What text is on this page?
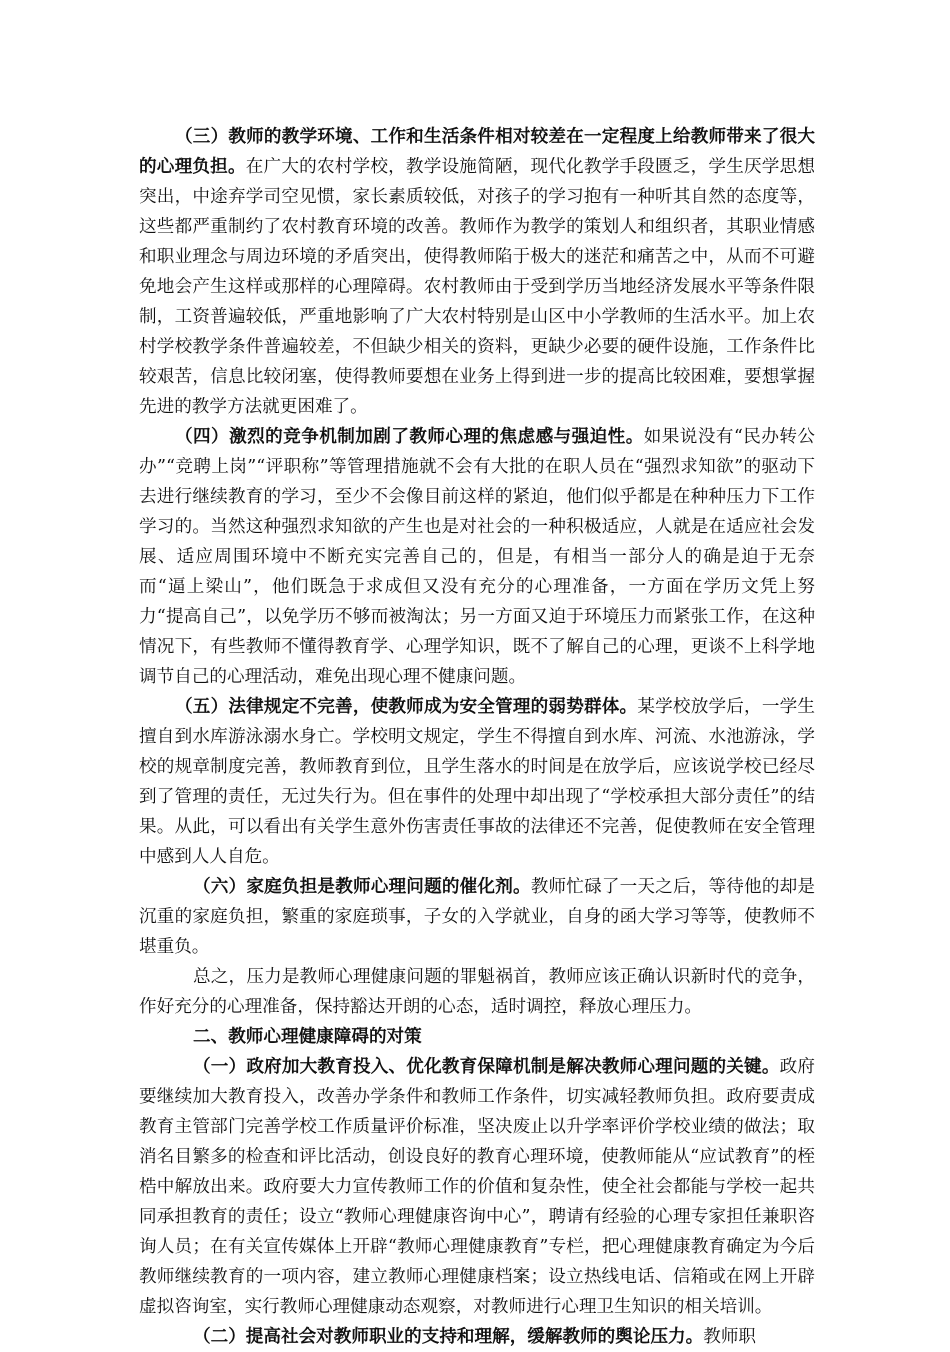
（三）教师的教学环境、工作和生活条件相对较差在一定程度上给教师带来了很大的心理负担。在广大的农村学校，教学设施简陋，现代化教学手段匮乏，学生厌学思想突出，中途弃学司空见惯，家长素质较低，对孩子的学习抱有一种听其自然的态度等，这些都严重制约了农村教育环境的改善。教师作为教学的策划人和组织者，其职业情感和职业理念与周边环境的矛盾突出，使得教师陷于极大的迷茫和痛苦之中，从而不可避免地会产生这样或那样的心理障碍。农村教师由于受到学历当地经济发展水平等条件限制，工资普遍较低，严重地影响了广大农村特别是山区中小学教师的生活水平。加上农村学校教学条件普遍较差，不但缺少相关的资料，更缺少必要的硬件设施，工作条件比较艰苦，信息比较闭塞，使得教师要想在业务上得到进一步的提高比较困难，要想掌握先进的教学方法就更困难了。

（四）激烈的竞争机制加剧了教师心理的焦虑感与强迫性。如果说没有“民办转公办”“竞聘上岗”“评职称”等管理措施就不会有大批的在职人员在“强烈求知欲”的驱动下去进行继续教育的学习，至少不会像目前这样的紧迫，他们似乎都是在种种压力下工作学习的。当然这种强烈求知欲的产生也是对社会的一种积极适应，人就是在适应社会发展、适应周围环境中不断充实完善自己的，但是，有相当一部分人的确是迫于无奈而“逼上梁山”，他们既急于求成但又没有充分的心理准备，一方面在学历文凭上努力“提高自己”，以免学历不够而被淘汰；另一方面又迫于环境压力而紧张工作，在这种情况下，有些教师不懂得教育学、心理学知识，既不了解自己的心理，更谈不上科学地调节自己的心理活动，难免出现心理不健康问题。

（五）法律规定不完善，使教师成为安全管理的弱势群体。某学校放学后，一学生擅自到水库游泳溺水身亡。学校明文规定，学生不得擅自到水库、河流、水池游泳，学校的规章制度完善，教师教育到位，且学生落水的时间是在放学后，应该说学校已经尽到了管理的责任，无过失行为。但在事件的处理中却出现了“学校承担大部分责任”的结果。从此，可以看出有关学生意外伤害责任事故的法律还不完善，促使教师在安全管理中感到人人自危。

（六）家庭负担是教师心理问题的催化剂。教师忙碌了一天之后，等待他的却是沉重的家庭负担，繁重的家庭琐事，子女的入学就业，自身的函大学习等等，使教师不堪重负。

总之，压力是教师心理健康问题的罪魁祸首，教师应该正确认识新时代的竞争，作好充分的心理准备，保持豁达开朗的心态，适时调控，释放心理压力。

二、教师心理健康障碍的对策

（一）政府加大教育投入、优化教育保障机制是解决教师心理问题的关键。政府要继续加大教育投入，改善办学条件和教师工作条件，切实减轻教师负担。政府要责成教育主管部门完善学校工作质量评价标准，坚决废止以升学率评价学校业绩的做法；取消名目繁多的检查和评比活动，创设良好的教育心理环境，使教师能从“应试教育”的桎梏中解放出来。政府要大力宣传教师工作的价值和复杂性，使全社会都能与学校一起共同承担教育的责任；设立“教师心理健康咨询中心”，聘请有经验的心理专家担任兼职咨询人员；在有关宣传媒体上开辟“教师心理健康教育”专栏，把心理健康教育确定为今后教师继续教育的一项内容，建立教师心理健康档案；设立热线电话、信箱或在网上开辟虚拟咨询室，实行教师心理健康动态观察，对教师进行心理卫生知识的相关培训。

（二）提高社会对教师职业的支持和理解，缓解教师的舆论压力。教师职
